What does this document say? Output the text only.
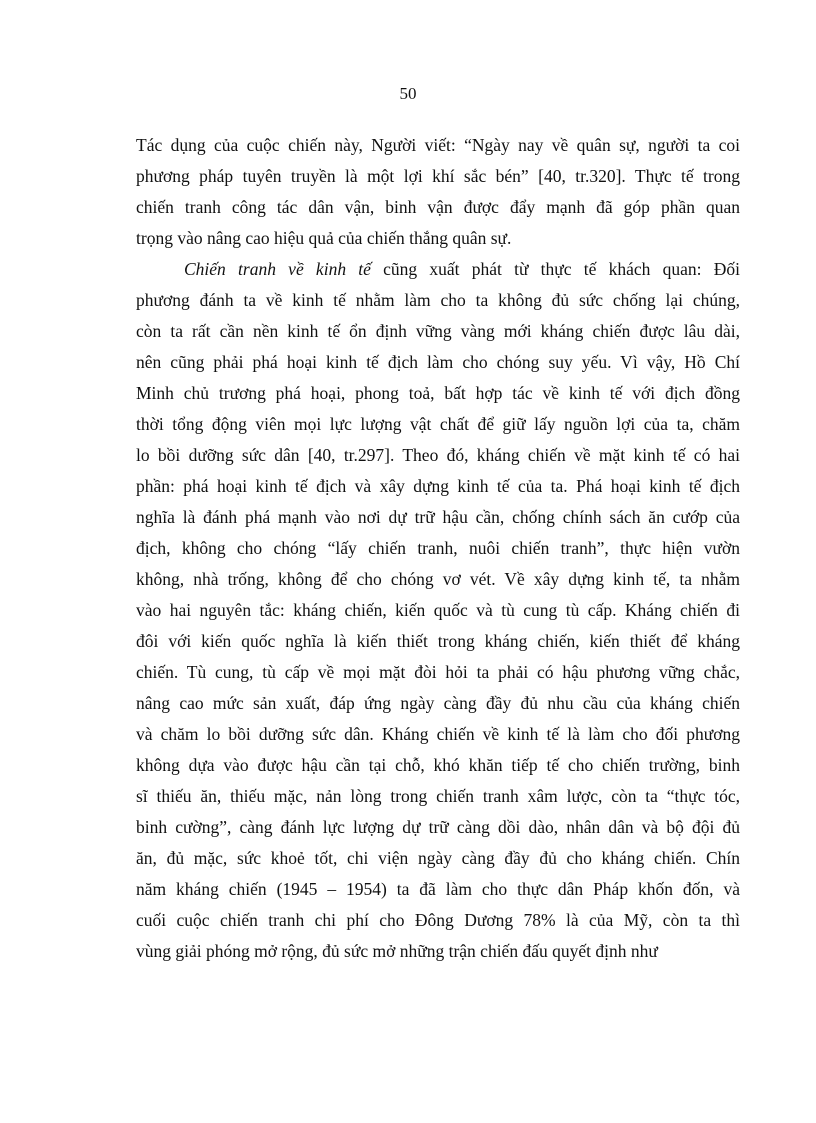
50

Tác dụng của cuộc chiến này, Người viết: “Ngày nay về quân sự, người ta coi
phương pháp tuyên truyền là một lợi khí sắc bén” [40, tr.320]. Thực tế trong
chiến tranh công tác dân vận, binh vận được đẩy mạnh đã góp phần quan
trọng vào nâng cao hiệu quả của chiến thắng quân sự.

Chiến tranh về kinh tế cũng xuất phát từ thực tế khách quan: Đối
phương đánh ta về kinh tế nhằm làm cho ta không đủ sức chống lại chúng,
còn ta rất cần nền kinh tế ổn định vững vàng mới kháng chiến được lâu dài,
nên cũng phải phá hoại kinh tế địch làm cho chóng suy yếu. Vì vậy, Hồ Chí
Minh chủ trương phá hoại, phong toả, bất hợp tác về kinh tế với địch đồng
thời tổng động viên mọi lực lượng vật chất để giữ lấy nguồn lợi của ta, chăm
lo bồi dưỡng sức dân [40, tr.297]. Theo đó, kháng chiến về mặt kinh tế có hai
phần: phá hoại kinh tế địch và xây dựng kinh tế của ta. Phá hoại kinh tế địch
nghĩa là đánh phá mạnh vào nơi dự trữ hậu cần, chống chính sách ăn cướp của
địch, không cho chóng “lấy chiến tranh, nuôi chiến tranh”, thực hiện vườn
không, nhà trống, không để cho chóng vơ vét. Về xây dựng kinh tế, ta nhằm
vào hai nguyên tắc: kháng chiến, kiến quốc và tù cung tù cấp. Kháng chiến đi
đôi với kiến quốc nghĩa là kiến thiết trong kháng chiến, kiến thiết để kháng
chiến. Tù cung, tù cấp về mọi mặt đòi hỏi ta phải có hậu phương vững chắc,
nâng cao mức sản xuất, đáp ứng ngày càng đầy đủ nhu cầu của kháng chiến
và chăm lo bồi dưỡng sức dân. Kháng chiến về kinh tế là làm cho đối phương
không dựa vào được hậu cần tại chỗ, khó khăn tiếp tế cho chiến trường, binh
sĩ thiếu ăn, thiếu mặc, nản lòng trong chiến tranh xâm lược, còn ta “thực tóc,
binh cường”, càng đánh lực lượng dự trữ càng dồi dào, nhân dân và bộ đội đủ
ăn, đủ mặc, sức khoẻ tốt, chi viện ngày càng đầy đủ cho kháng chiến. Chín
năm kháng chiến (1945 – 1954) ta đã làm cho thực dân Pháp khốn đốn, và
cuối cuộc chiến tranh chi phí cho Đông Dương 78% là của Mỹ, còn ta thì
vùng giải phóng mở rộng, đủ sức mở những trận chiến đấu quyết định như
